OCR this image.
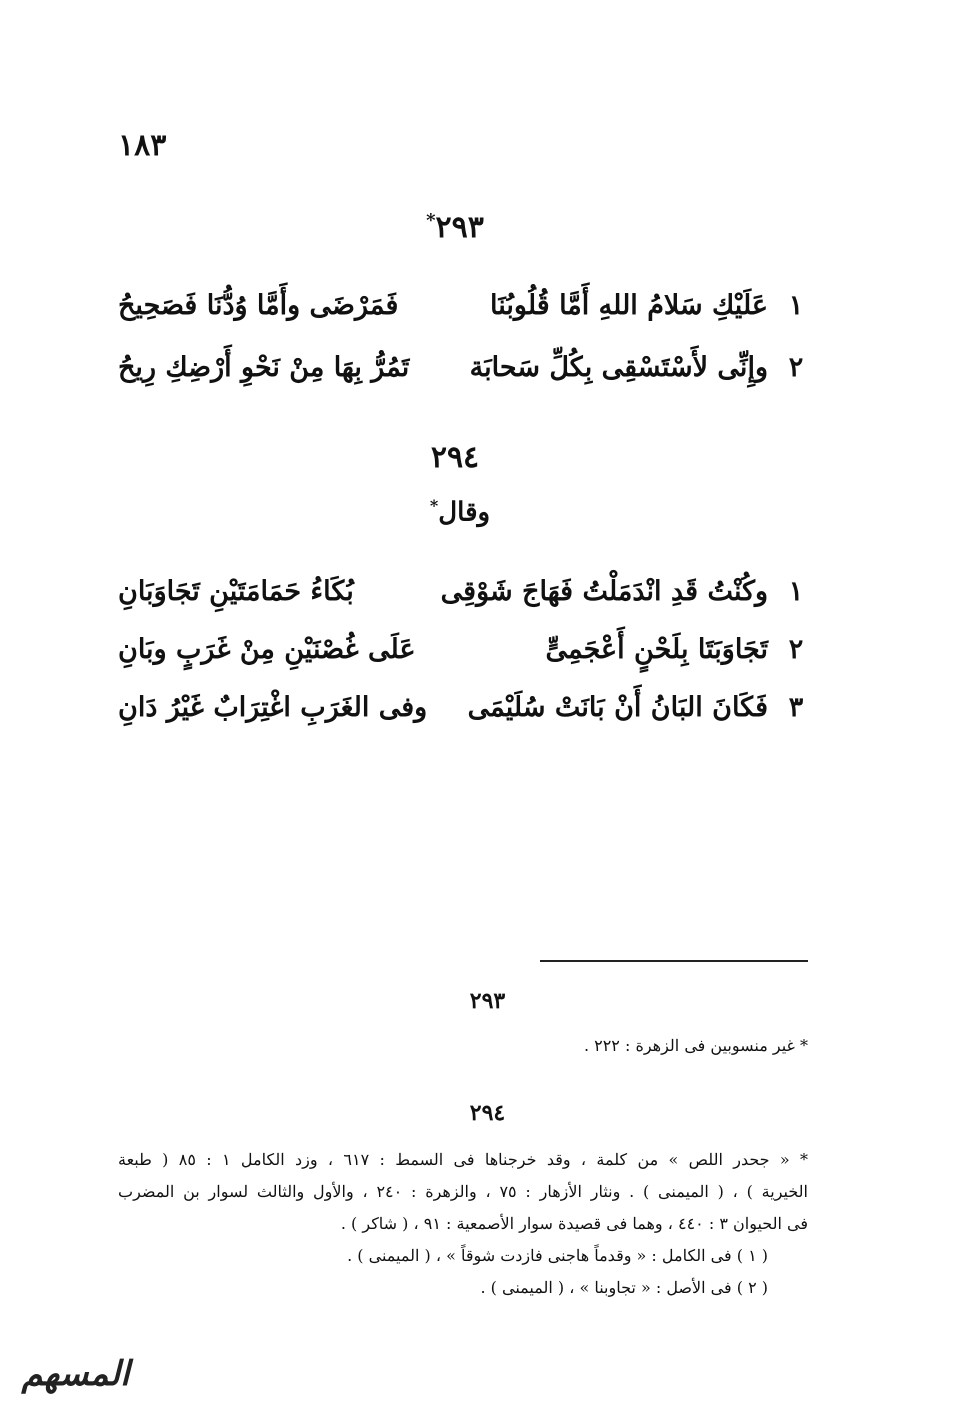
١٨٣
٢٩٣*
١
عَلَيْكِ سَلامُ اللهِ أَمَّا قُلُوبُنَا
فَمَرْضَى وأَمَّا وُدُّنَا فَصَحِيحُ
٢
وإِنِّى لأَسْتَسْقِى بِكُلِّ سَحابَة
تَمُرُّ بِهَا مِنْ نَحْوِ أَرْضِكِ رِيحُ
٢٩٤
وقال*
١
وكُنْتُ قَدِ انْدَمَلْتُ فَهَاجَ شَوْقِى
بُكَاءُ حَمَامَتَيْنِ تَجَاوَبَانِ
٢
تَجَاوَبَتَا بِلَحْنٍ أَعْجَمِىٍّ
عَلَى غُصْنَيْنِ مِنْ غَرَبٍ وبَانِ
٣
فَكَانَ البَانُ أَنْ بَانَتْ سُلَيْمَى
وفى الغَرَبِ اغْتِرَابٌ غَيْرُ دَانِ
٢٩٣
* غير منسوبين فى الزهرة : ٢٢٢ .
٢٩٤
* « جحدر اللص » من كلمة ، وقد خرجناها فى السمط : ٦١٧ ، وزد الكامل ١ : ٨٥ ( طبعة
الخيرية ) ، ( الميمنى ) . ونثار الأزهار : ٧٥ ، والزهرة : ٢٤٠ ، والأول والثالث لسوار بن المضرب
فى الحيوان ٣ : ٤٤٠ ، وهما فى قصيدة سوار الأصمعية : ٩١ ، ( شاكر ) .
( ١ ) فى الكامل : « وقدماً هاجنى فازدت شوقاً » ، ( الميمنى ) .
( ٢ ) فى الأصل : « تجاوبنا » ، ( الميمنى ) .
المسهم
